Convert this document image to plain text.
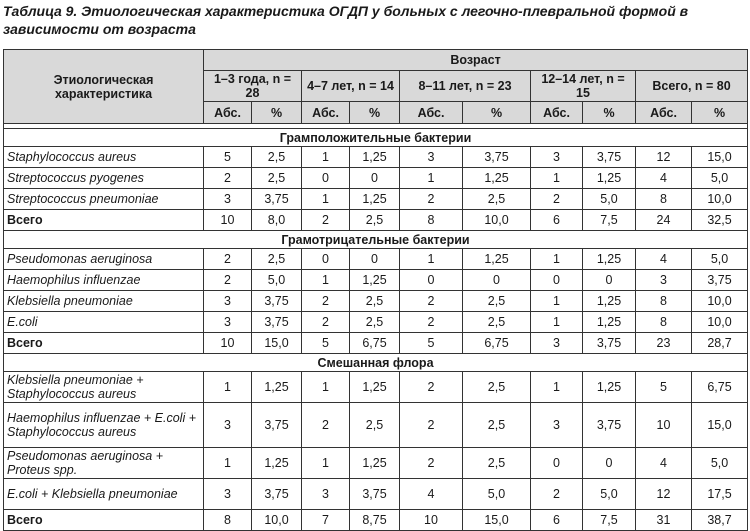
Таблица 9. Этиологическая характеристика ОГДП у больных с легочно-плевральной формой в зависимости от возраста
Этиологическая характеристика	Возраст									
	1–3 года, n = 28		4–7 лет, n = 14		8–11 лет, n = 23		12–14 лет, n = 15		Всего, n = 80	
	Абс.	%	Абс.	%	Абс.	%	Абс.	%	Абс.	%

Грамположительные бактерии										
Staphylococcus aureus	5	2,5	1	1,25	3	3,75	3	3,75	12	15,0
Streptococcus pyogenes	2	2,5	0	0	1	1,25	1	1,25	4	5,0
Streptococcus pneumoniae	3	3,75	1	1,25	2	2,5	2	5,0	8	10,0
Всего	10	8,0	2	2,5	8	10,0	6	7,5	24	32,5
Грамотрицательные бактерии										
Pseudomonas aeruginosa	2	2,5	0	0	1	1,25	1	1,25	4	5,0
Haemophilus influenzae	2	5,0	1	1,25	0	0	0	0	3	3,75
Klebsiella pneumoniae	3	3,75	2	2,5	2	2,5	1	1,25	8	10,0
E.coli	3	3,75	2	2,5	2	2,5	1	1,25	8	10,0
Всего	10	15,0	5	6,75	5	6,75	3	3,75	23	28,7
Смешанная флора										
Klebsiella pneumoniae + Staphylococcus aureus	1	1,25	1	1,25	2	2,5	1	1,25	5	6,75
Haemophilus influenzae + E.coli + Staphylococcus aureus	3	3,75	2	2,5	2	2,5	3	3,75	10	15,0
Pseudomonas aeruginosa + Proteus spp.	1	1,25	1	1,25	2	2,5	0	0	4	5,0
E.coli + Klebsiella pneumoniae	3	3,75	3	3,75	4	5,0	2	5,0	12	17,5
Всего	8	10,0	7	8,75	10	15,0	6	7,5	31	38,7
